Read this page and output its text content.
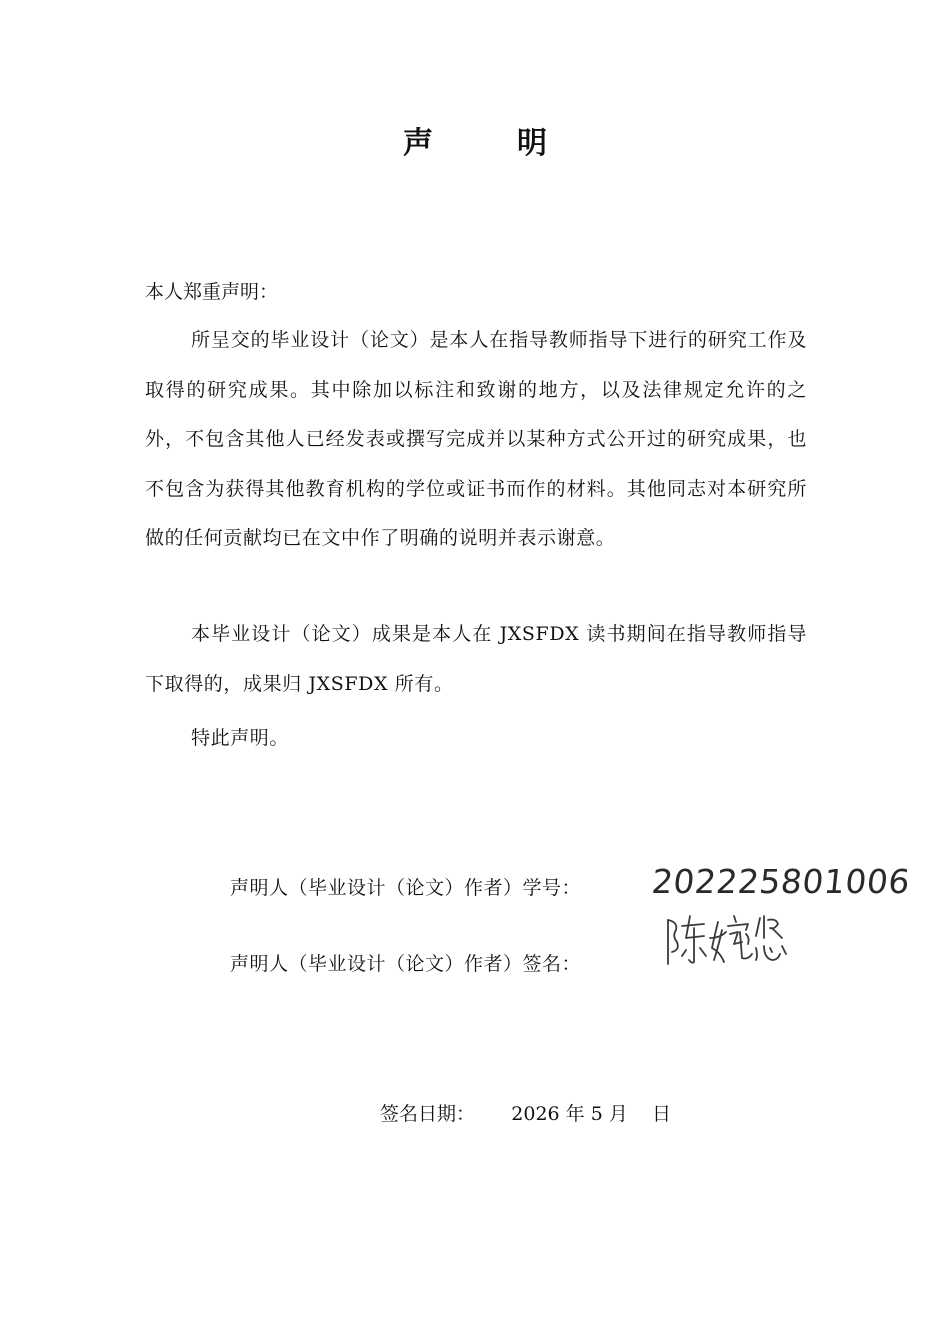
声	明
本人郑重声明：

所呈交的毕业设计（论文）是本人在指导教师指导下进行的研究工作及取得的研究成果。其中除加以标注和致谢的地方，以及法律规定允许的之外，不包含其他人已经发表或撰写完成并以某种方式公开过的研究成果，也不包含为获得其他教育机构的学位或证书而作的材料。其他同志对本研究所做的任何贡献均已在文中作了明确的说明并表示谢意。

本毕业设计（论文）成果是本人在 JXSFDX 读书期间在指导教师指导下取得的，成果归 JXSFDX 所有。

特此声明。

声明人（毕业设计（论文）作者）学号： 202225801006
声明人（毕业设计（论文）作者）签名：
签名日期： 2026 年 5 月    日
